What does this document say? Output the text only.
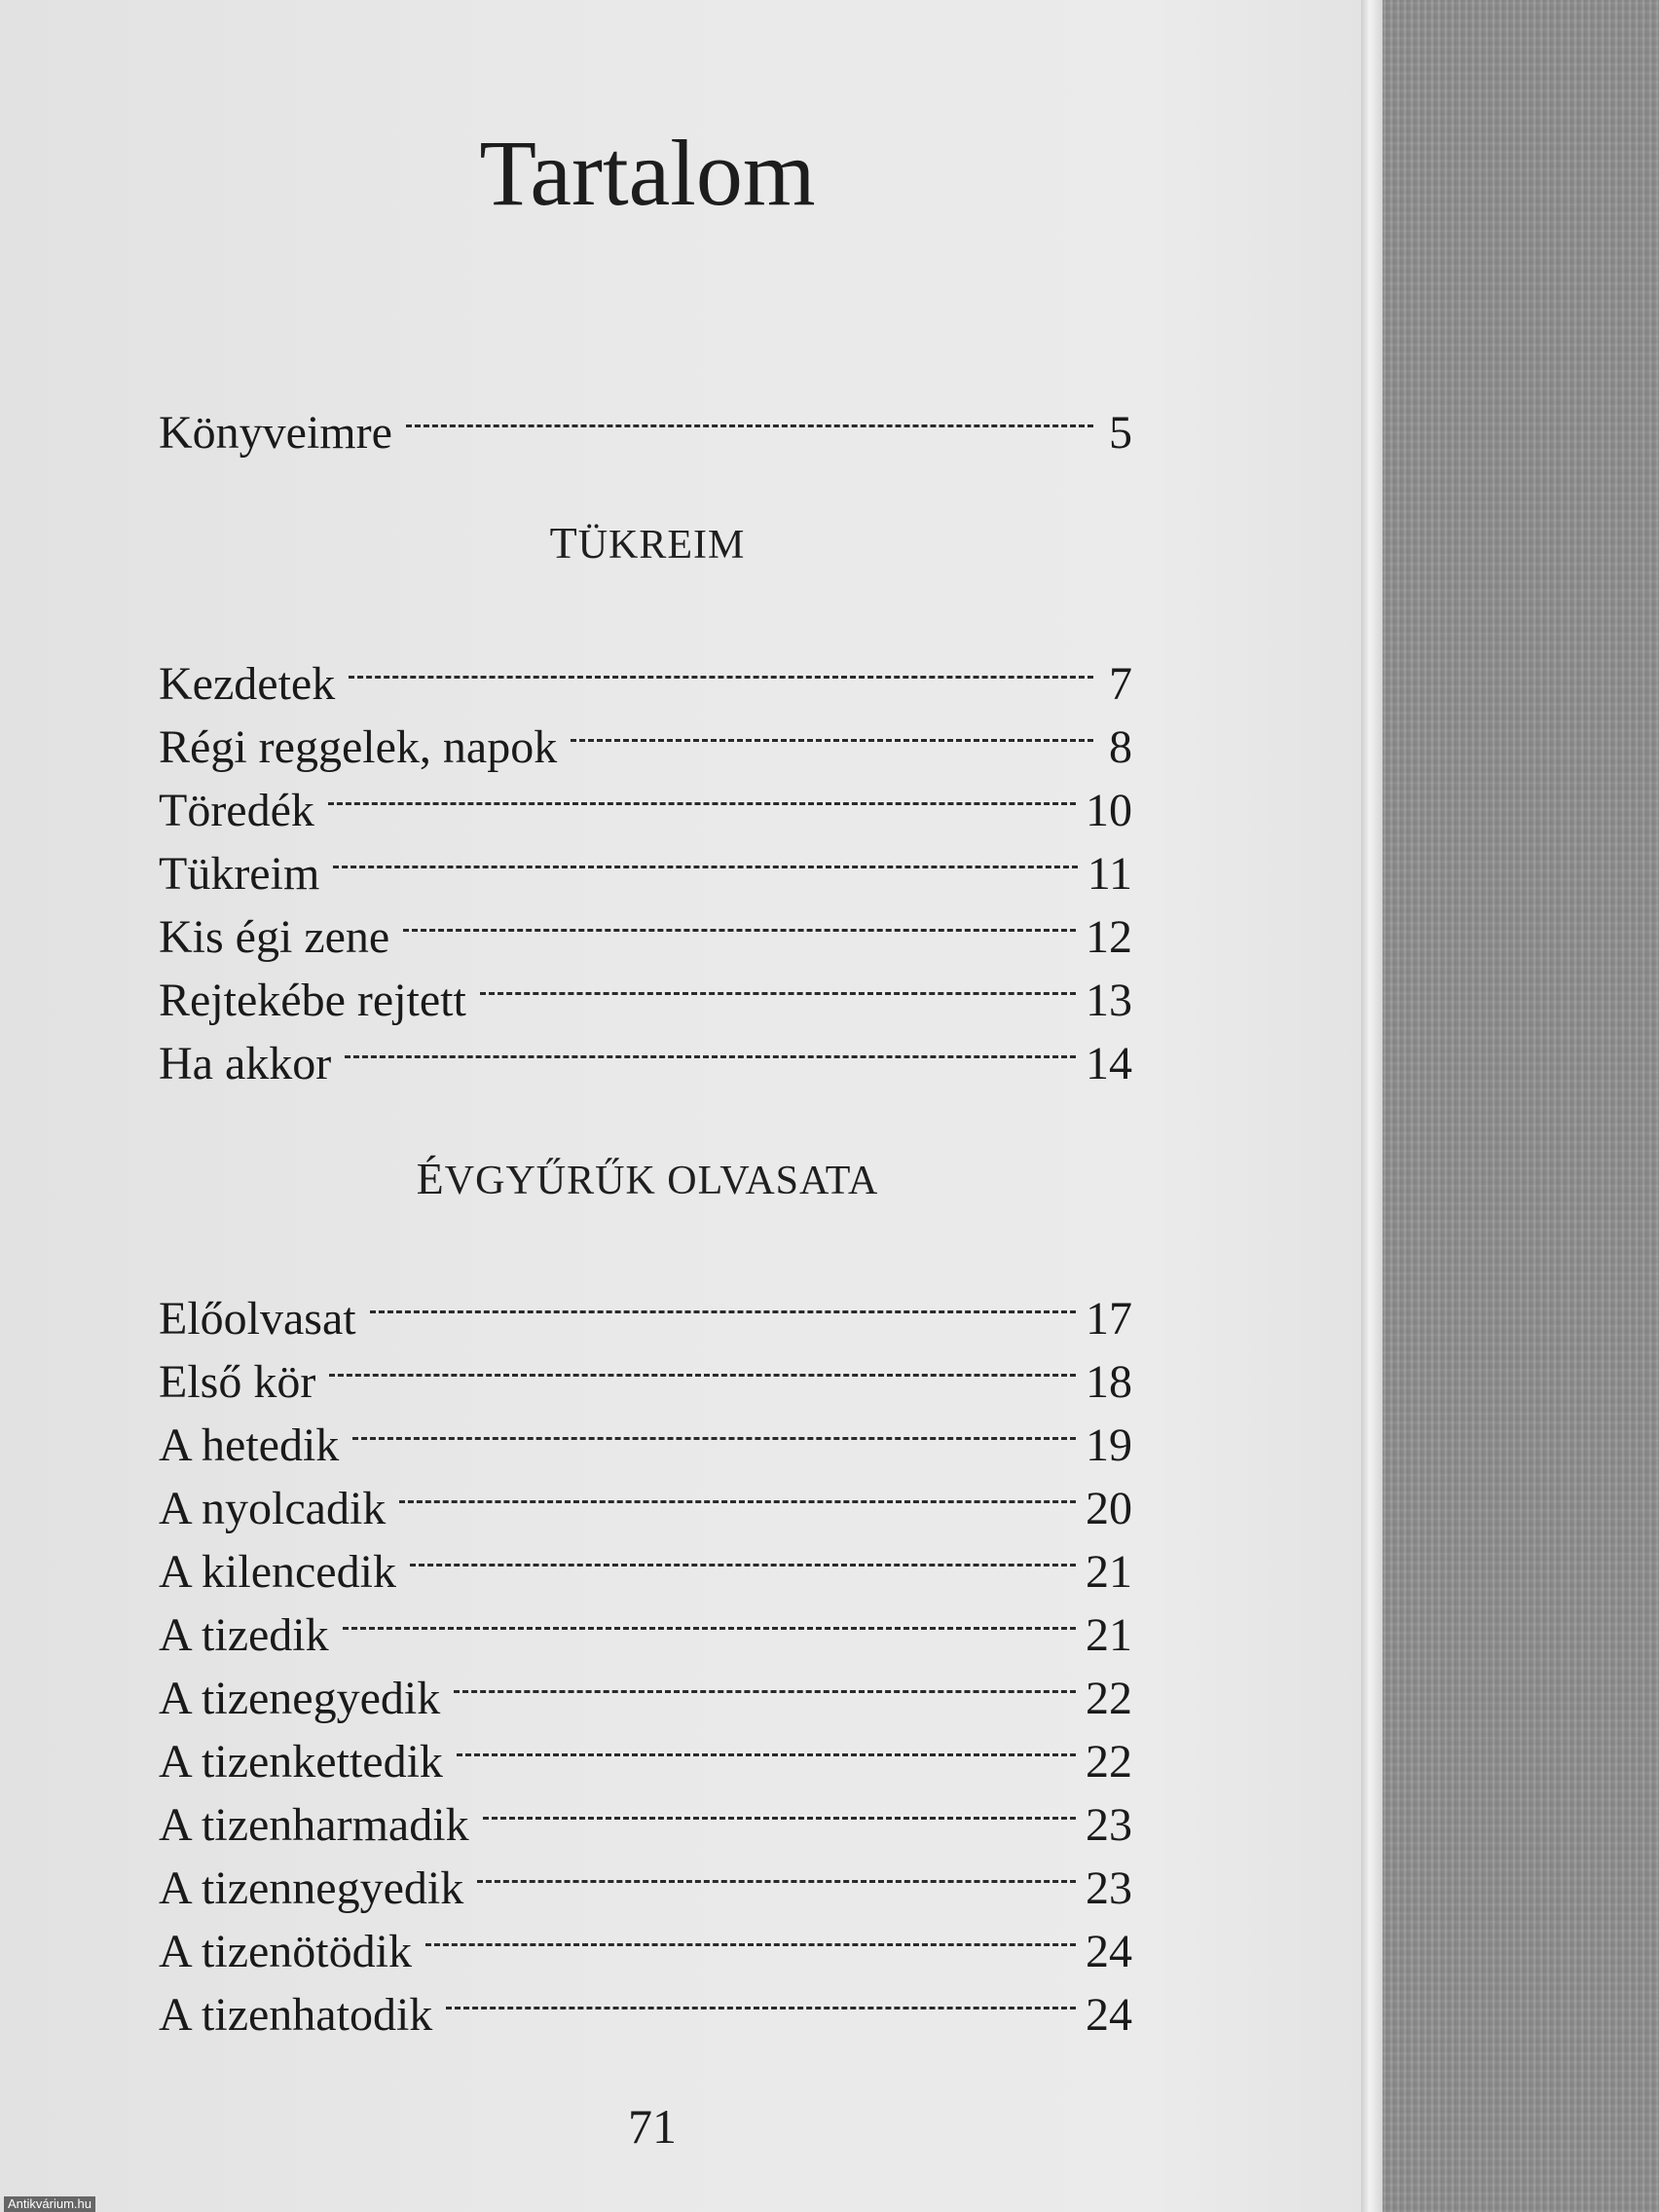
Tartalom
Könyveimre	5
TÜKREIM
Kezdetek	7
Régi reggelek, napok	8
Töredék	10
Tükreim	11
Kis égi zene	12
Rejtekébe rejtett	13
Ha akkor	14
ÉVGYŰRŰK OLVASATA
Előolvasat	17
Első kör	18
A hetedik	19
A nyolcadik	20
A kilencedik	21
A tizedik	21
A tizenegyedik	22
A tizenkettedik	22
A tizenharmadik	23
A tizennegyedik	23
A tizenötödik	24
A tizenhatodik	24
71
Antikvárium.hu
